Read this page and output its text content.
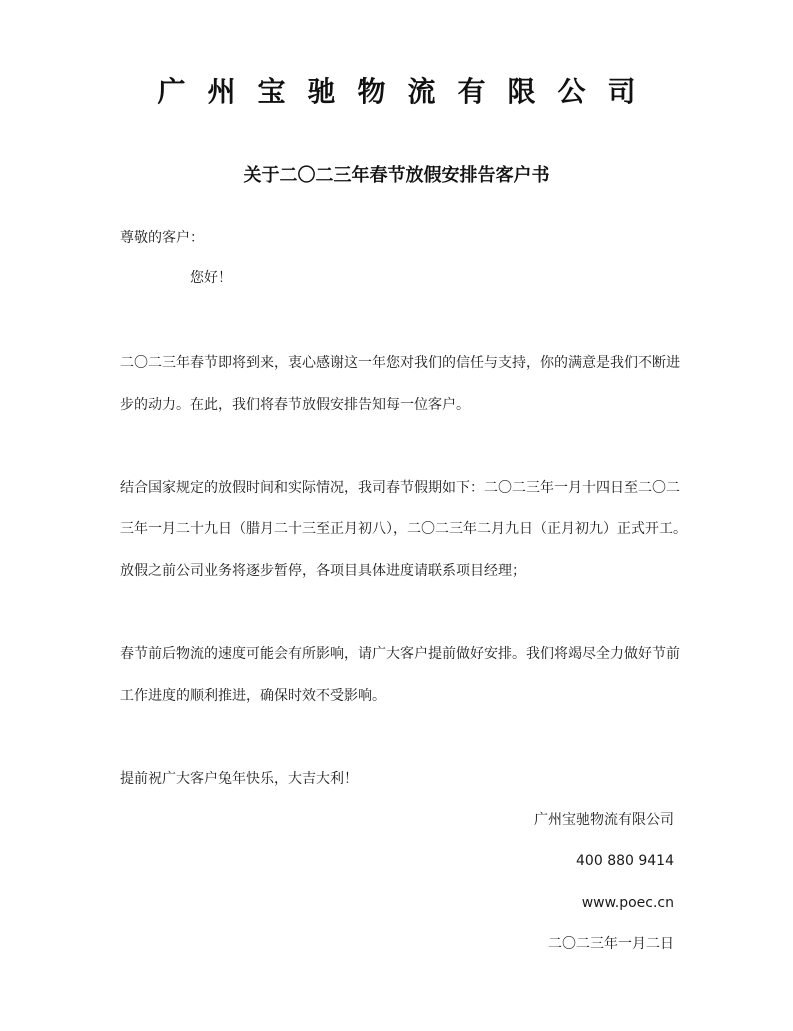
广州宝驰物流有限公司
关于二〇二三年春节放假安排告客户书
尊敬的客户：
您好！
二〇二三年春节即将到来，衷心感谢这一年您对我们的信任与支持，你的满意是我们不断进
步的动力。在此，我们将春节放假安排告知每一位客户。
结合国家规定的放假时间和实际情况，我司春节假期如下：二〇二三年一月十四日至二〇二
三年一月二十九日（腊月二十三至正月初八），二〇二三年二月九日（正月初九）正式开工。
放假之前公司业务将逐步暂停，各项目具体进度请联系项目经理；
春节前后物流的速度可能会有所影响，请广大客户提前做好安排。我们将竭尽全力做好节前
工作进度的顺利推进，确保时效不受影响。
提前祝广大客户兔年快乐，大吉大利！
广州宝驰物流有限公司
400 880 9414
www.poec.cn
二〇二三年一月二日
